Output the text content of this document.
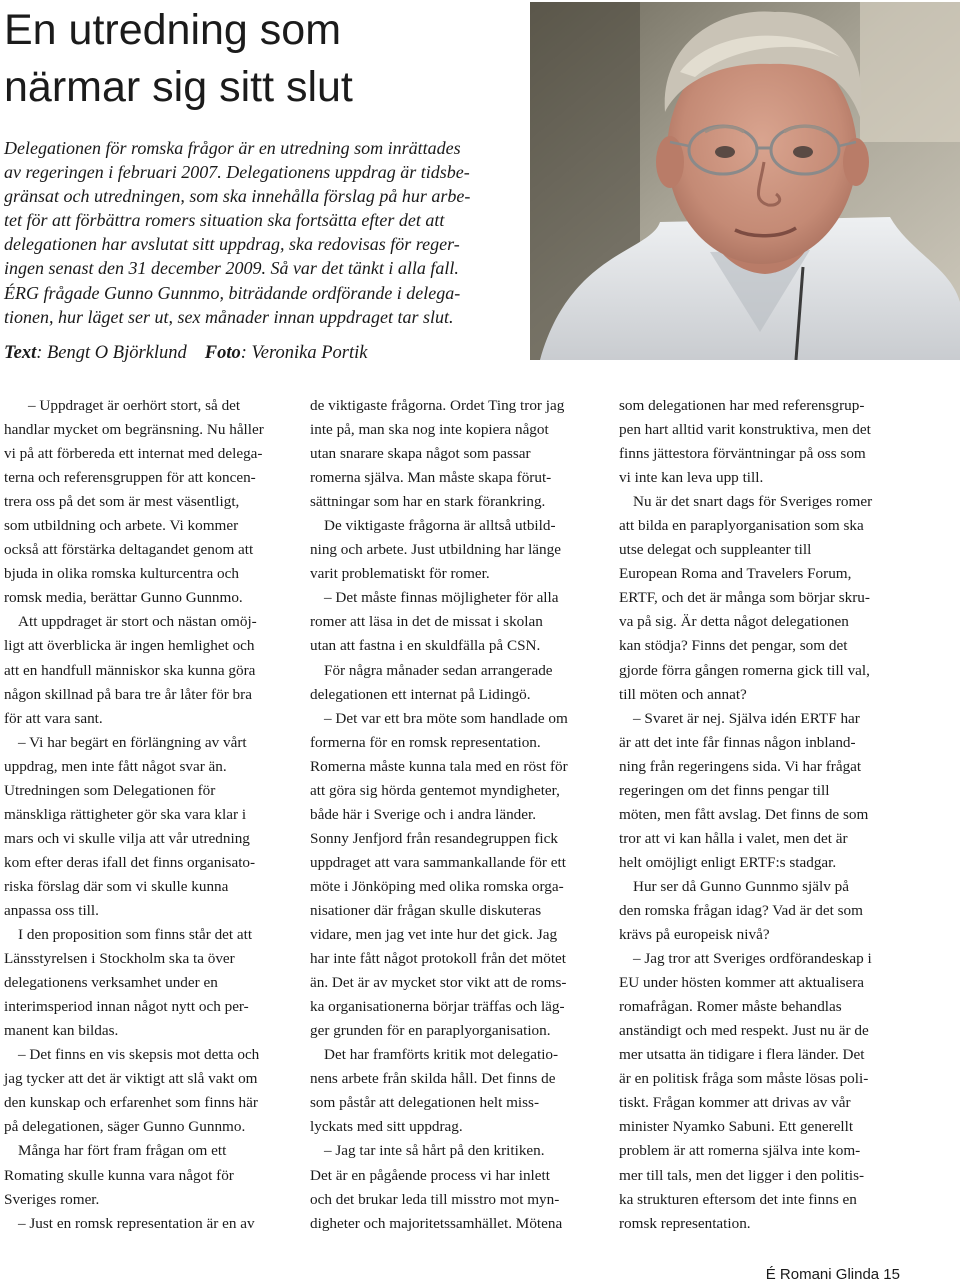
En utredning som
närmar sig sitt slut
Delegationen för romska frågor är en utredning som inrättades
av regeringen i februari 2007. Delegationens uppdrag är tidsbe-
gränsat och utredningen, som ska innehålla förslag på hur arbe-
tet för att förbättra romers situation ska fortsätta efter det att
delegationen har avslutat sitt uppdrag, ska redovisas för reger-
ingen senast den 31 december 2009. Så var det tänkt i alla fall.
ÉRG frågade Gunno Gunnmo, biträdande ordförande i delega-
tionen, hur läget ser ut, sex månader innan uppdraget tar slut.
Text: Bengt O Björklund Foto: Veronika Portik
– Uppdraget är oerhört stort, så det
handlar mycket om begränsning. Nu håller
vi på att förbereda ett internat med delega-
terna och referensgruppen för att koncen-
trera oss på det som är mest väsentligt,
som utbildning och arbete. Vi kommer
också att förstärka deltagandet genom att
bjuda in olika romska kulturcentra och
romsk media, berättar Gunno Gunnmo.
Att uppdraget är stort och nästan omöj-
ligt att överblicka är ingen hemlighet och
att en handfull människor ska kunna göra
någon skillnad på bara tre år låter för bra
för att vara sant.
– Vi har begärt en förlängning av vårt
uppdrag, men inte fått något svar än.
Utredningen som Delegationen för
mänskliga rättigheter gör ska vara klar i
mars och vi skulle vilja att vår utredning
kom efter deras ifall det finns organisato-
riska förslag där som vi skulle kunna
anpassa oss till.
I den proposition som finns står det att
Länsstyrelsen i Stockholm ska ta över
delegationens verksamhet under en
interimsperiod innan något nytt och per-
manent kan bildas.
– Det finns en vis skepsis mot detta och
jag tycker att det är viktigt att slå vakt om
den kunskap och erfarenhet som finns här
på delegationen, säger Gunno Gunnmo.
Många har fört fram frågan om ett
Romating skulle kunna vara något för
Sveriges romer.
– Just en romsk representation är en av
de viktigaste frågorna. Ordet Ting tror jag
inte på, man ska nog inte kopiera något
utan snarare skapa något som passar
romerna själva. Man måste skapa förut-
sättningar som har en stark förankring.
De viktigaste frågorna är alltså utbild-
ning och arbete. Just utbildning har länge
varit problematiskt för romer.
– Det måste finnas möjligheter för alla
romer att läsa in det de missat i skolan
utan att fastna i en skuldfälla på CSN.
För några månader sedan arrangerade
delegationen ett internat på Lidingö.
– Det var ett bra möte som handlade om
formerna för en romsk representation.
Romerna måste kunna tala med en röst för
att göra sig hörda gentemot myndigheter,
både här i Sverige och i andra länder.
Sonny Jenfjord från resandegruppen fick
uppdraget att vara sammankallande för ett
möte i Jönköping med olika romska orga-
nisationer där frågan skulle diskuteras
vidare, men jag vet inte hur det gick. Jag
har inte fått något protokoll från det mötet
än. Det är av mycket stor vikt att de roms-
ka organisationerna börjar träffas och läg-
ger grunden för en paraplyorganisation.
Det har framförts kritik mot delegatio-
nens arbete från skilda håll. Det finns de
som påstår att delegationen helt miss-
lyckats med sitt uppdrag.
– Jag tar inte så hårt på den kritiken.
Det är en pågående process vi har inlett
och det brukar leda till misstro mot myn-
digheter och majoritetssamhället. Mötena
som delegationen har med referensgrup-
pen hart alltid varit konstruktiva, men det
finns jättestora förväntningar på oss som
vi inte kan leva upp till.
Nu är det snart dags för Sveriges romer
att bilda en paraplyorganisation som ska
utse delegat och suppleanter till
European Roma and Travelers Forum,
ERTF, och det är många som börjar skru-
va på sig. Är detta något delegationen
kan stödja? Finns det pengar, som det
gjorde förra gången romerna gick till val,
till möten och annat?
– Svaret är nej. Själva idén ERTF har
är att det inte får finnas någon inbland-
ning från regeringens sida. Vi har frågat
regeringen om det finns pengar till
möten, men fått avslag. Det finns de som
tror att vi kan hålla i valet, men det är
helt omöjligt enligt ERTF:s stadgar.
Hur ser då Gunno Gunnmo själv på
den romska frågan idag? Vad är det som
krävs på europeisk nivå?
– Jag tror att Sveriges ordförandeskap i
EU under hösten kommer att aktualisera
romafrågan. Romer måste behandlas
anständigt och med respekt. Just nu är de
mer utsatta än tidigare i flera länder. Det
är en politisk fråga som måste lösas poli-
tiskt. Frågan kommer att drivas av vår
minister Nyamko Sabuni. Ett generellt
problem är att romerna själva inte kom-
mer till tals, men det ligger i den politis-
ka strukturen eftersom det inte finns en
romsk representation.
É Romani Glinda 15
